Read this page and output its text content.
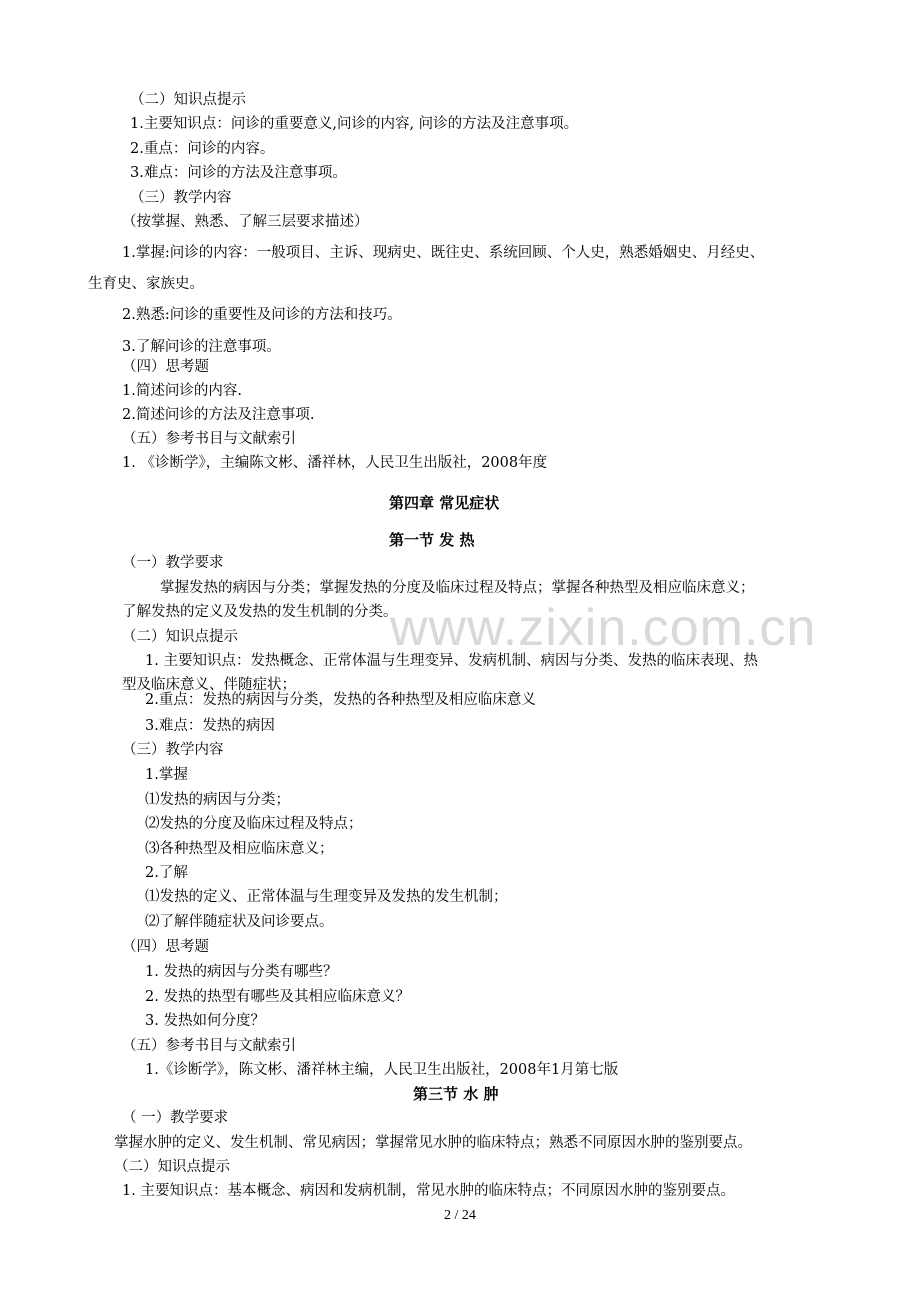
www.zixin.com.cn
（二）知识点提示
1.主要知识点：问诊的重要意义,问诊的内容, 问诊的方法及注意事项。
2.重点：问诊的内容。
3.难点：问诊的方法及注意事项。
（三）教学内容
（按掌握、熟悉、了解三层要求描述）
1.掌握:问诊的内容：一般项目、主诉、现病史、既往史、系统回顾、个人史，熟悉婚姻史、月经史、
生育史、家族史。
2.熟悉:问诊的重要性及问诊的方法和技巧。
3.了解问诊的注意事项。
（四）思考题
1.简述问诊的内容.
2.简述问诊的方法及注意事项.
（五）参考书目与文献索引
1. 《诊断学》，主编陈文彬、潘祥林，人民卫生出版社，2008年度
第四章 常见症状
第一节 发 热
（一）教学要求
掌握发热的病因与分类；掌握发热的分度及临床过程及特点；掌握各种热型及相应临床意义；
了解发热的定义及发热的发生机制的分类。
（二）知识点提示
1. 主要知识点：发热概念、正常体温与生理变异、发病机制、病因与分类、发热的临床表现、热
型及临床意义、伴随症状；
2.重点：发热的病因与分类，发热的各种热型及相应临床意义
3.难点：发热的病因
（三）教学内容
1.掌握
⑴发热的病因与分类；
⑵发热的分度及临床过程及特点；
⑶各种热型及相应临床意义；
2.了解
⑴发热的定义、正常体温与生理变异及发热的发生机制；
⑵了解伴随症状及问诊要点。
（四）思考题
1. 发热的病因与分类有哪些？
2. 发热的热型有哪些及其相应临床意义？
3. 发热如何分度？
（五）参考书目与文献索引
1.《诊断学》，陈文彬、潘祥林主编，人民卫生出版社，2008年1月第七版
第三节 水 肿
（ 一）教学要求
掌握水肿的定义、发生机制、常见病因；掌握常见水肿的临床特点；熟悉不同原因水肿的鉴别要点。
（二）知识点提示
1. 主要知识点：基本概念、病因和发病机制，常见水肿的临床特点；不同原因水肿的鉴别要点。
2 / 24
